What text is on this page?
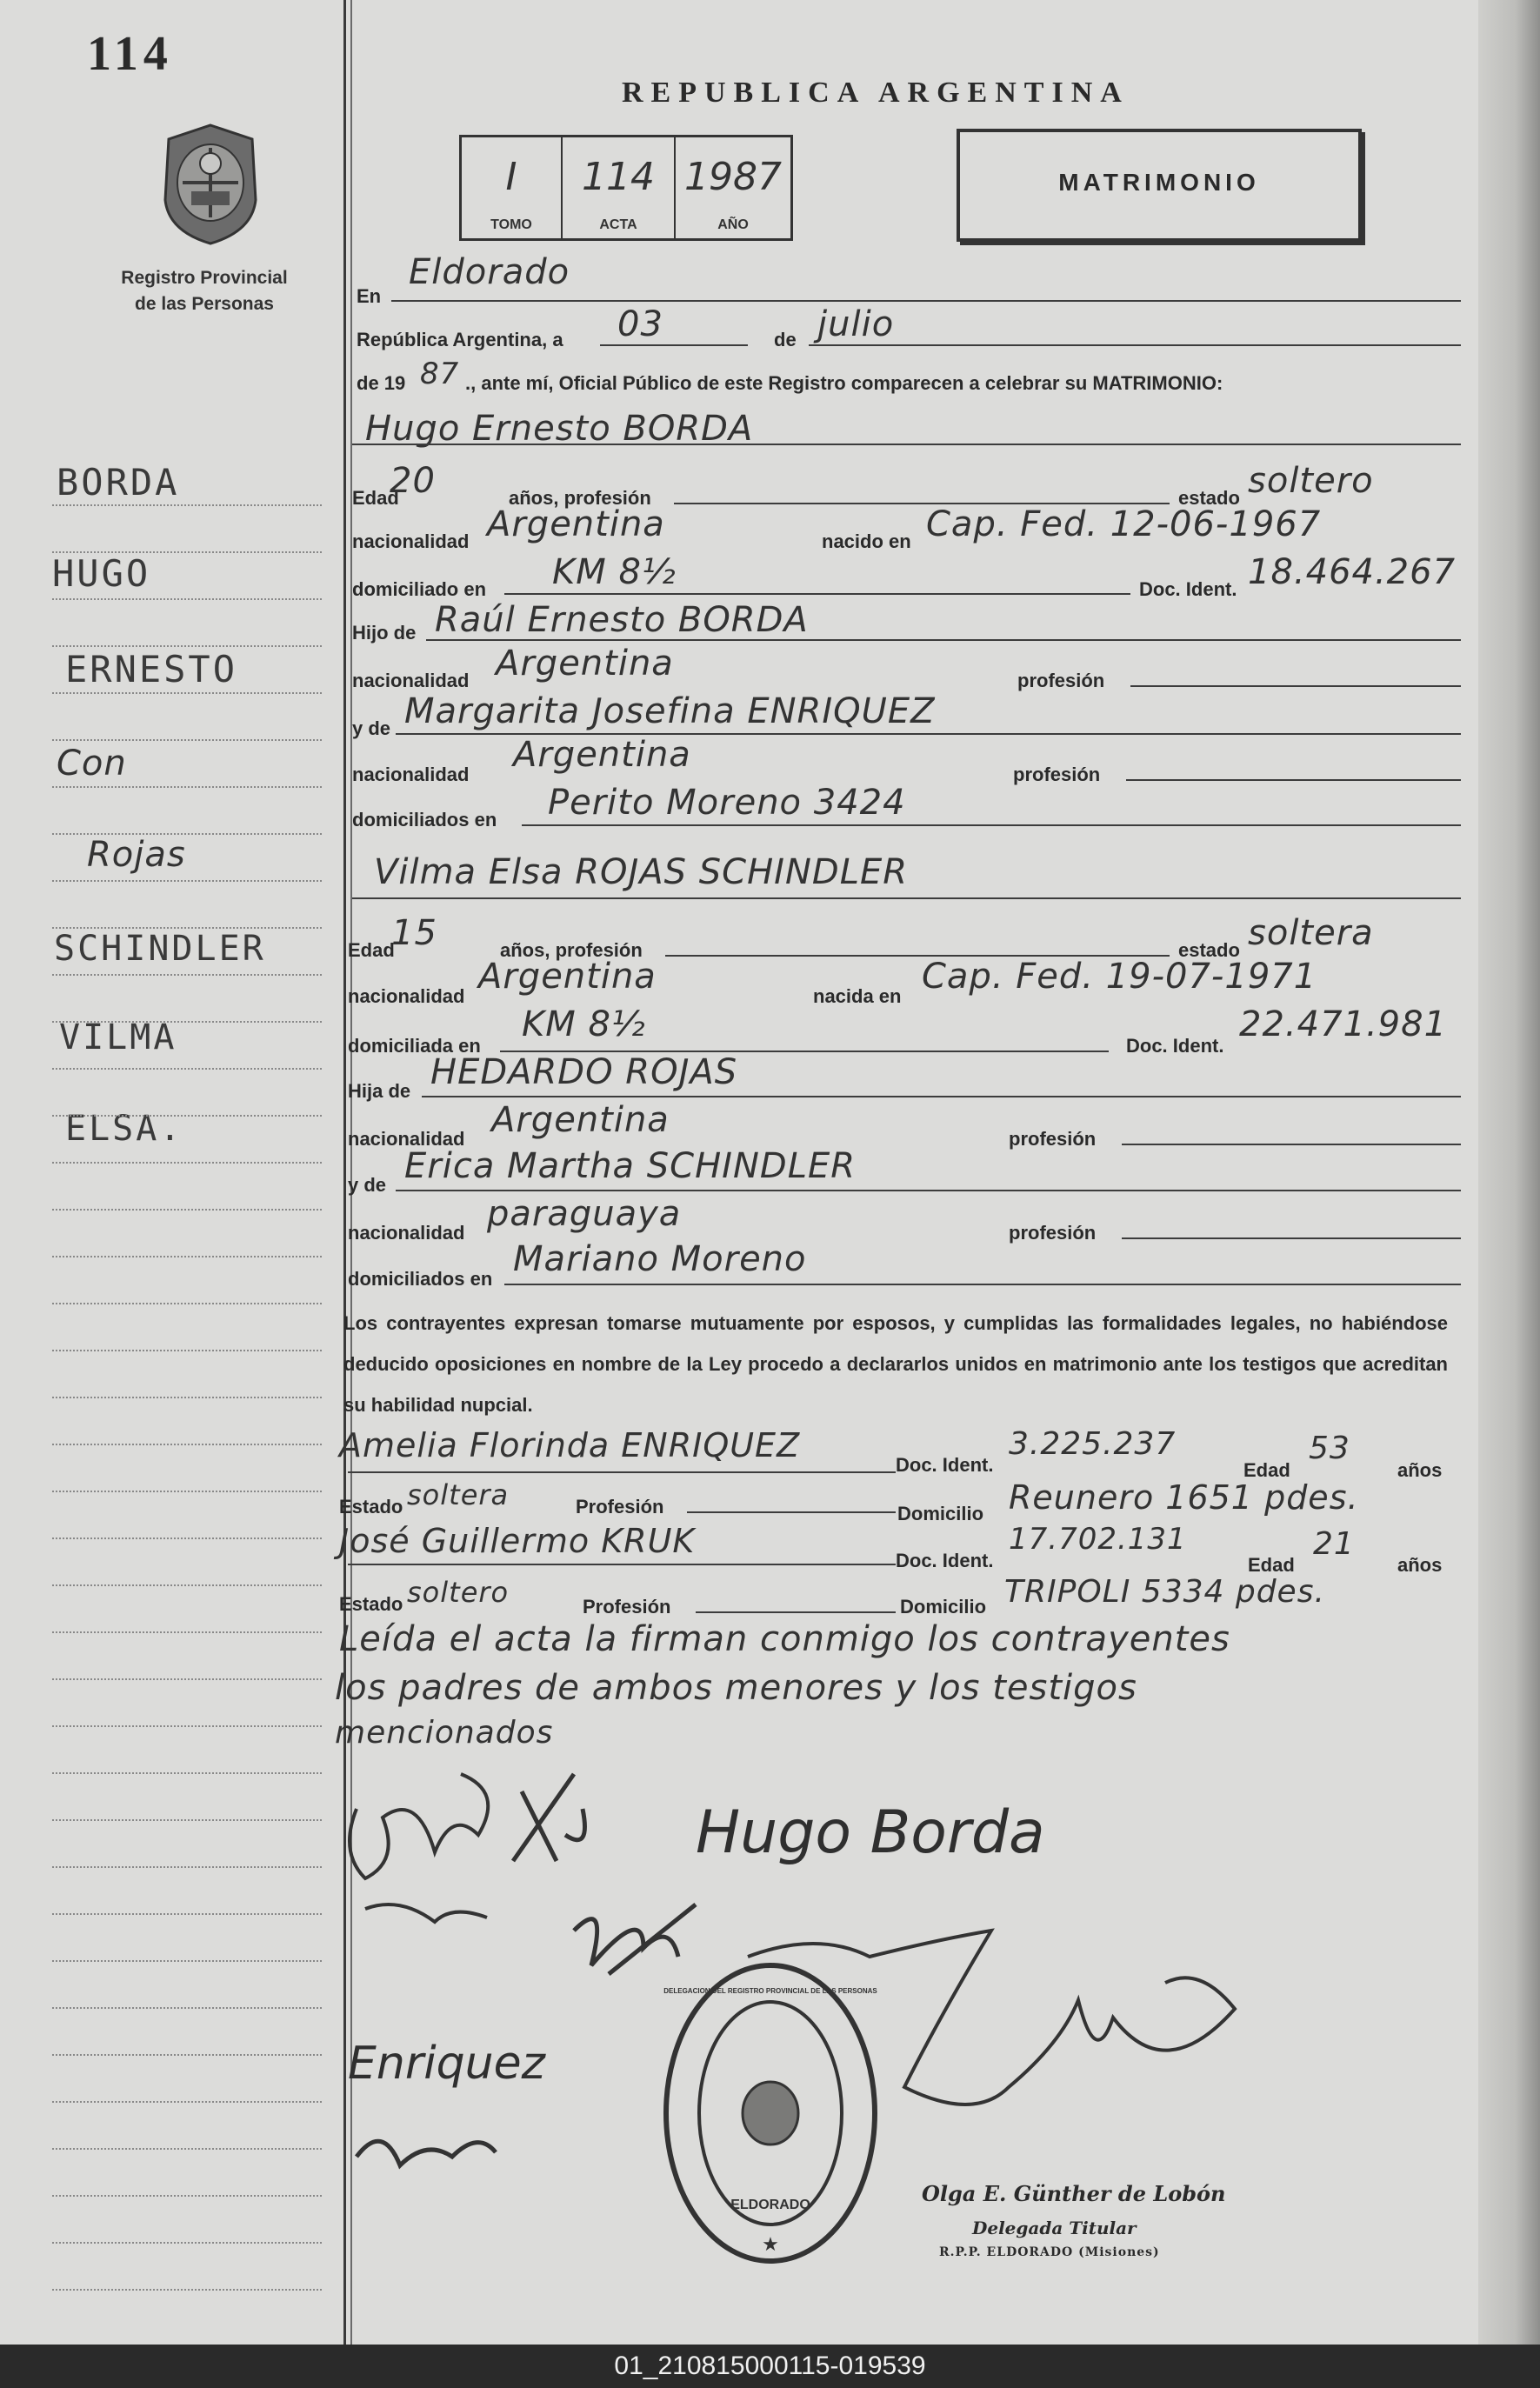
114
Registro Provincial
de las Personas
REPUBLICA ARGENTINA
I
TOMO
114
ACTA
1987
AÑO
MATRIMONIO
BORDA
HUGO
ERNESTO
Con
Rojas
SCHINDLER
VILMA
ELSA.
En
Eldorado
República Argentina, a 03	de julio
de 19 87 ., ante mí, Oficial Público de este Registro comparecen a celebrar su MATRIMONIO:
Hugo Ernesto BORDA
Edad
20	años, profesión	estado soltero
nacionalidad Argentina	nacido en Cap. Fed. 12-06-1967
domiciliado en KM 8½	Doc. Ident. 18.464.267
Hijo de Raúl Ernesto BORDA
nacionalidad Argentina	profesión
y de Margarita Josefina ENRIQUEZ
nacionalidad Argentina	profesión
domiciliados en Perito Moreno 3424
Vilma Elsa ROJAS SCHINDLER
Edad
15	años, profesión	estado soltera
nacionalidad Argentina	nacida en Cap. Fed. 19-07-1971
domiciliada en
KM 8½
Doc. Ident.
22.471.981
Hija de HEDARDO ROJAS
nacionalidad Argentina	profesión
y de Erica Martha SCHINDLER
nacionalidad paraguaya	profesión
domiciliados en Mariano Moreno
Los contrayentes expresan tomarse mutuamente por esposos, y cumplidas las formalidades legales, no habiéndose deducido oposiciones en nombre de la Ley procedo a declararlos unidos en matrimonio ante los testigos que acreditan su habilidad nupcial.
Amelia Florinda ENRIQUEZ
Doc. Ident.
3.225.237
Edad
53
años
Estado soltera	Profesión	Domicilio Reunero 1651 pdes.
José Guillermo KRUK
Doc. Ident.
17.702.131
Edad
21
años
Estado soltero	Profesión	Domicilio TRIPOLI 5334 pdes.
Leída el acta la firman conmigo los contrayentes
los padres de ambos menores y los testigos
mencionados
Hugo Borda
Enriquez
ELDORADO
DELEGACION DEL REGISTRO PROVINCIAL DE LAS PERSONAS
★
Olga E. Günther de Lobón
Delegada Titular
R.P.P. ELDORADO (Misiones)
01_210815000115-019539
